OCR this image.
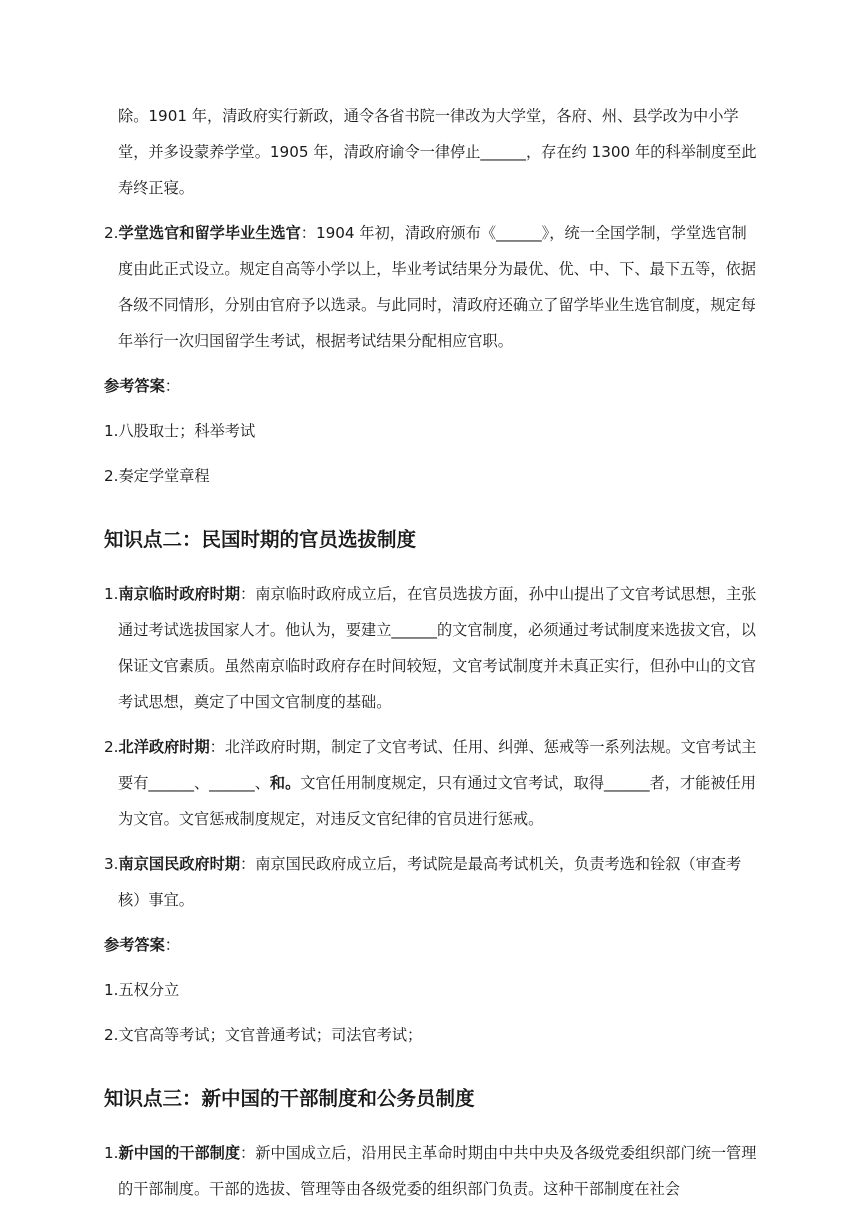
除。1901 年，清政府实行新政，通令各省书院一律改为大学堂，各府、州、县学改为中小学堂，并多设蒙养学堂。1905 年，清政府谕令一律停止______，存在约 1300 年的科举制度至此寿终正寝。
2.学堂选官和留学毕业生选官：1904 年初，清政府颁布《______》，统一全国学制，学堂选官制度由此正式设立。规定自高等小学以上，毕业考试结果分为最优、优、中、下、最下五等，依据各级不同情形，分别由官府予以选录。与此同时，清政府还确立了留学毕业生选官制度，规定每年举行一次归国留学生考试，根据考试结果分配相应官职。
参考答案：
1.八股取士；科举考试
2.奏定学堂章程
知识点二：民国时期的官员选拔制度
1.南京临时政府时期：南京临时政府成立后，在官员选拔方面，孙中山提出了文官考试思想，主张通过考试选拔国家人才。他认为，要建立______的文官制度，必须通过考试制度来选拔文官，以保证文官素质。虽然南京临时政府存在时间较短，文官考试制度并未真正实行，但孙中山的文官考试思想，奠定了中国文官制度的基础。
2.北洋政府时期：北洋政府时期，制定了文官考试、任用、纠弹、惩戒等一系列法规。文官考试主要有______、______、和。文官任用制度规定，只有通过文官考试，取得______者，才能被任用为文官。文官惩戒制度规定，对违反文官纪律的官员进行惩戒。
3.南京国民政府时期：南京国民政府成立后，考试院是最高考试机关，负责考选和铨叙（审查考核）事宜。
参考答案：
1.五权分立
2.文官高等考试；文官普通考试；司法官考试；
知识点三：新中国的干部制度和公务员制度
1.新中国的干部制度：新中国成立后，沿用民主革命时期由中共中央及各级党委组织部门统一管理的干部制度。干部的选拔、管理等由各级党委的组织部门负责。这种干部制度在社会
